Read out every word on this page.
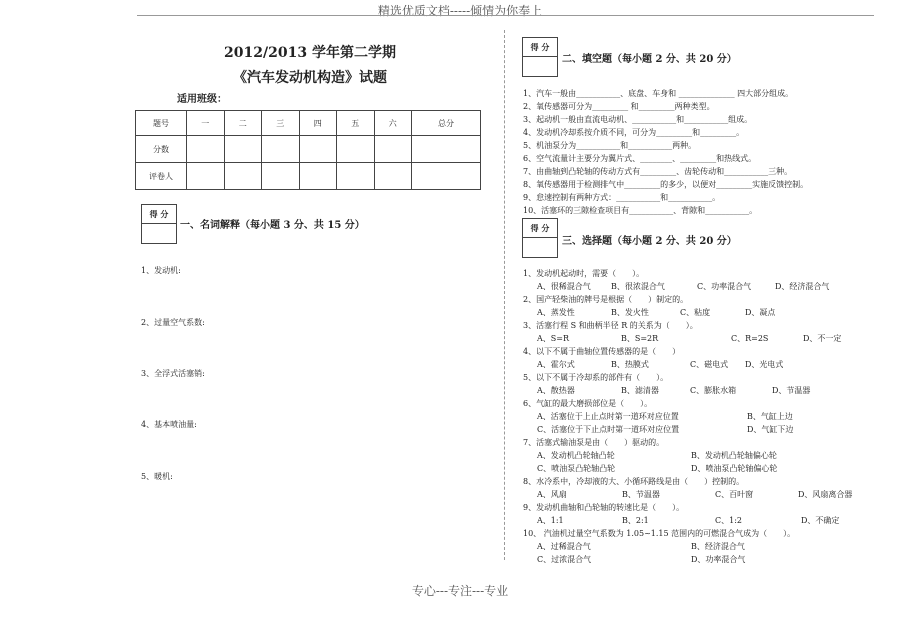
精选优质文档-----倾情为你奉上
2012/2013 学年第二学期
《汽车发动机构造》试题
适用班级：
题号	一	二	三	四	五	六	总分
分数							
评卷人							
得 分
一、名词解释（每小题 3 分、共 15 分）
1、发动机:
2、过量空气系数:
3、全浮式活塞销:
4、基本喷油量:
5、暖机:
得 分
二、填空题（每小题 2 分、共 20 分）
1、汽车一般由___________、底盘、车身和 ______________ 四大部分组成。
2、氧传感器可分为_________ 和_________两种类型。
3、起动机一般由直流电动机、___________和___________组成。
4、发动机冷却系按介质不同，可分为_________和_________。
5、机油泵分为___________和___________两种。
6、空气流量计主要分为翼片式、________、_________和热线式。
7、由曲轴到凸轮轴的传动方式有_________、齿轮传动和___________三种。
8、氧传感器用于检测排气中_________的多少，以便对_________实施反馈控制。
9、怠速控制有两种方式：___________和___________。
10、活塞环的三隙检查项目有___________、背隙和___________。
得 分
三、选择题（每小题 2 分、共 20 分）
1、发动机起动时，需要（　　）。
A、很稀混合气	B、很浓混合气	C、功率混合气	D、经济混合气
2、国产轻柴油的牌号是根据（　　）制定的。
A、蒸发性	B、发火性	C、粘度	D、凝点
3、活塞行程 S 和曲柄半径 R 的关系为（　　）。
A、S=R	B、S=2R	C、R=2S	D、不一定
4、以下不属于曲轴位置传感器的是（　　）
A、霍尔式	B、热膜式	C、磁电式 D、光电式
5、以下不属于冷却系的部件有（　　）。
A、散热器	B、滤清器	C、膨胀水箱	D、节温器
6、气缸的最大磨损部位是（　　）。
A、活塞位于上止点时第一道环对应位置	B、气缸上边
C、活塞位于下止点时第一道环对应位置	D、气缸下边
7、活塞式输油泵是由（　　）驱动的。
A、发动机凸轮轴凸轮	B、发动机凸轮轴偏心轮
C、喷油泵凸轮轴凸轮	D、喷油泵凸轮轴偏心轮
8、水冷系中，冷却液的大、小循环路线是由（　　）控制的。
A、风扇	B、节温器	C、百叶窗	D、风扇离合器
9、发动机曲轴和凸轮轴的转速比是（　　）。
A、1:1	B、2:1	C、1:2	D、不确定
10、 汽油机过量空气系数为 1.05~1.15 范围内的可燃混合气成为（　　）。
A、过稀混合气	B、经济混合气
C、过浓混合气	D、功率混合气
专心---专注---专业
